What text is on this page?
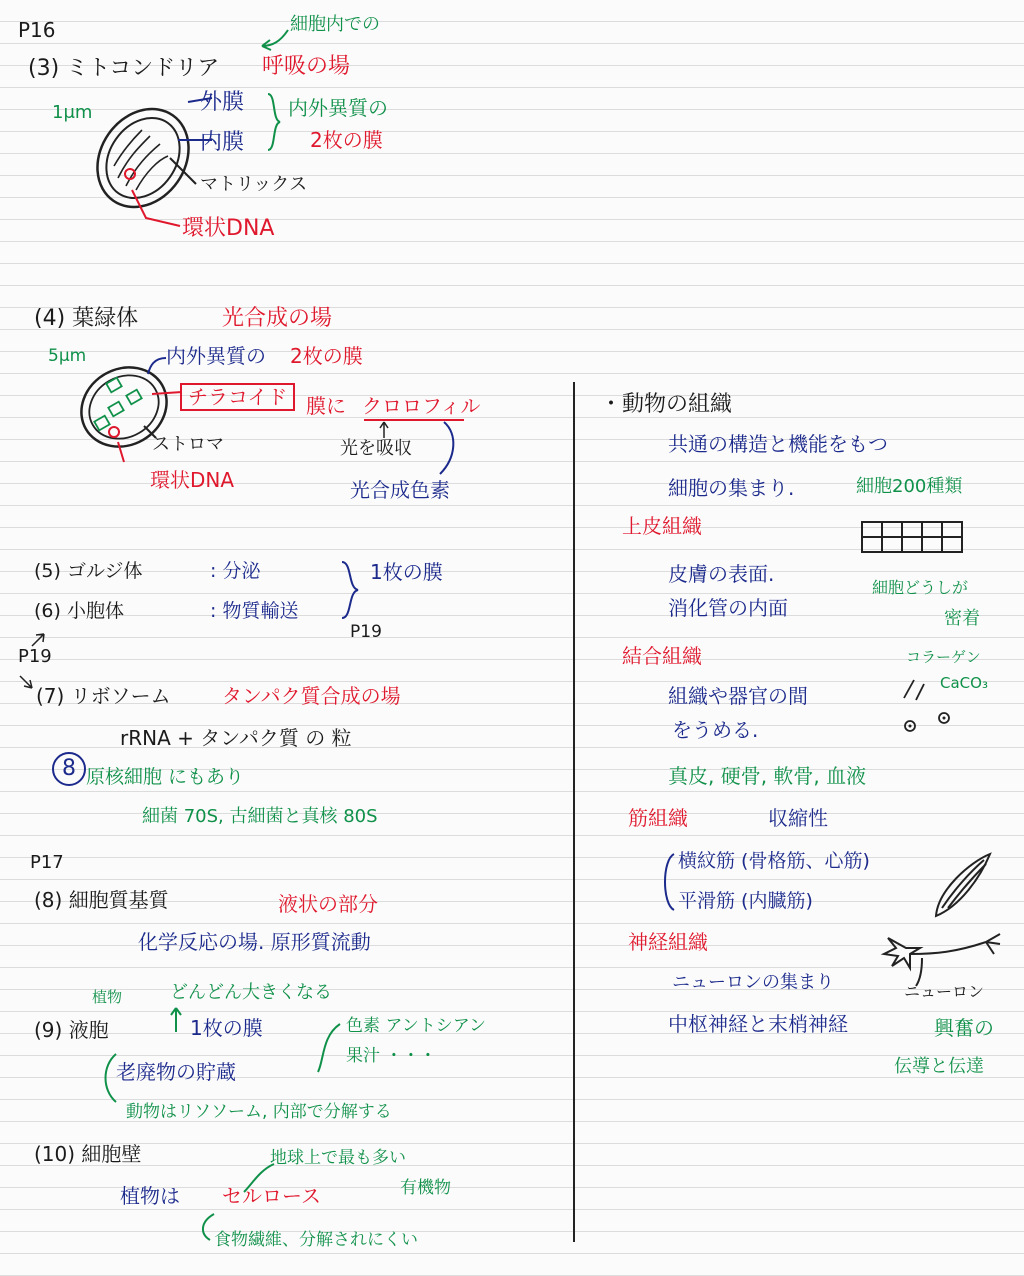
P16	細胞内での
呼吸の場
(3) ミトコンドリア
1μm	外膜
内膜
内外異質の
2枚の膜
マトリックス
環状DNA
(4) 葉緑体	光合成の場
5μm	内外異質の 2枚の膜
チラコイド 膜に クロロフィル
ストロマ	光を吸収
環状DNA	光合成色素
(5) ゴルジ体	: 分泌
(6) 小胞体	: 物質輸送
1枚の膜
P19
P19
(7) リボソーム	タンパク質合成の場
rRNA + タンパク質 の 粒
8 原核細胞 にもあり
細菌 70S, 古細菌と真核 80S
P17
(8) 細胞質基質	液状の部分
化学反応の場. 原形質流動
植物	どんどん大きくなる
(9) 液胞	1枚の膜	色素 アントシアン
果汁 ・・・
老廃物の貯蔵
動物はリソソーム, 内部で分解する
(10) 細胞壁	地球上で最も多い
有機物
植物は セルロース
食物繊維、分解されにくい
・動物の組織
共通の構造と機能をもつ
細胞の集まり.	細胞200種類
上皮組織
皮膚の表面.
細胞どうしが
消化管の内面	密着
結合組織	コラーゲン
CaCO₃
組織や器官の間
をうめる.
真皮, 硬骨, 軟骨, 血液
筋組織	収縮性
横紋筋 (骨格筋、心筋)
平滑筋 (内臓筋)
神経組織
ニューロンの集まり	ニューロン
中枢神経と末梢神経	興奮の
伝導と伝達
